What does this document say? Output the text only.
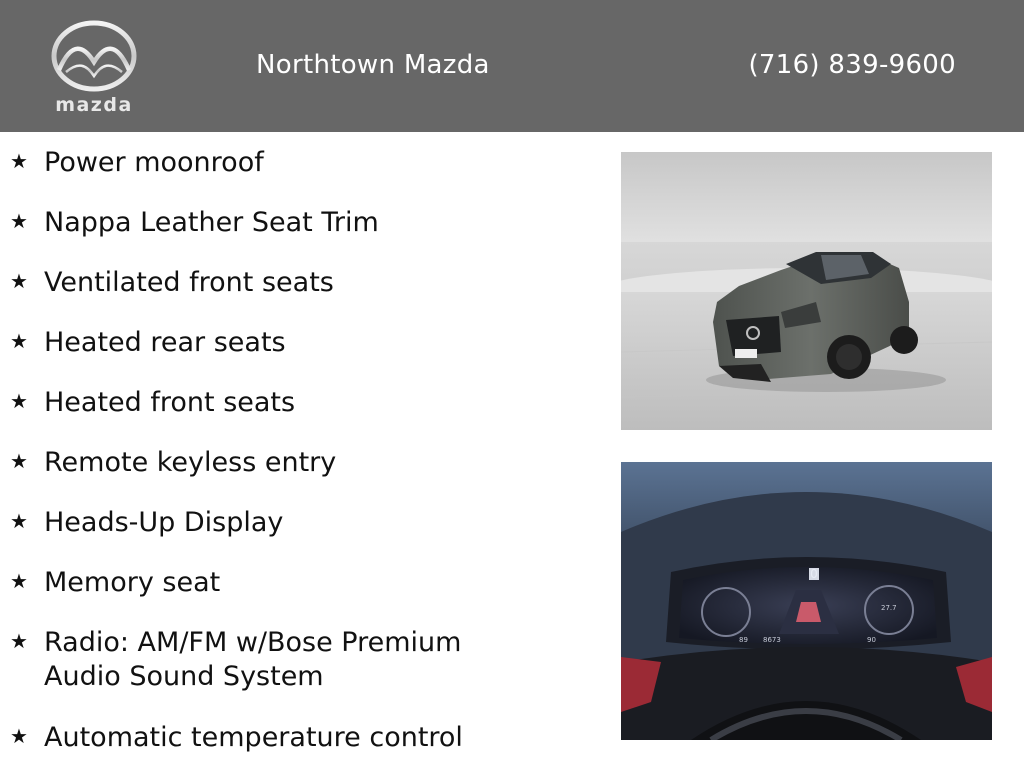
mazda
Northtown Mazda	(716) 839-9600
★ Power moonroof
★ Nappa Leather Seat Trim
★ Ventilated front seats
★ Heated rear seats
★ Heated front seats
★ Remote keyless entry
★ Heads-Up Display
★ Memory seat
★ Radio: AM/FM w/Bose Premium Audio Sound System
★ Automatic temperature control
0
89 8673
27.7
90
